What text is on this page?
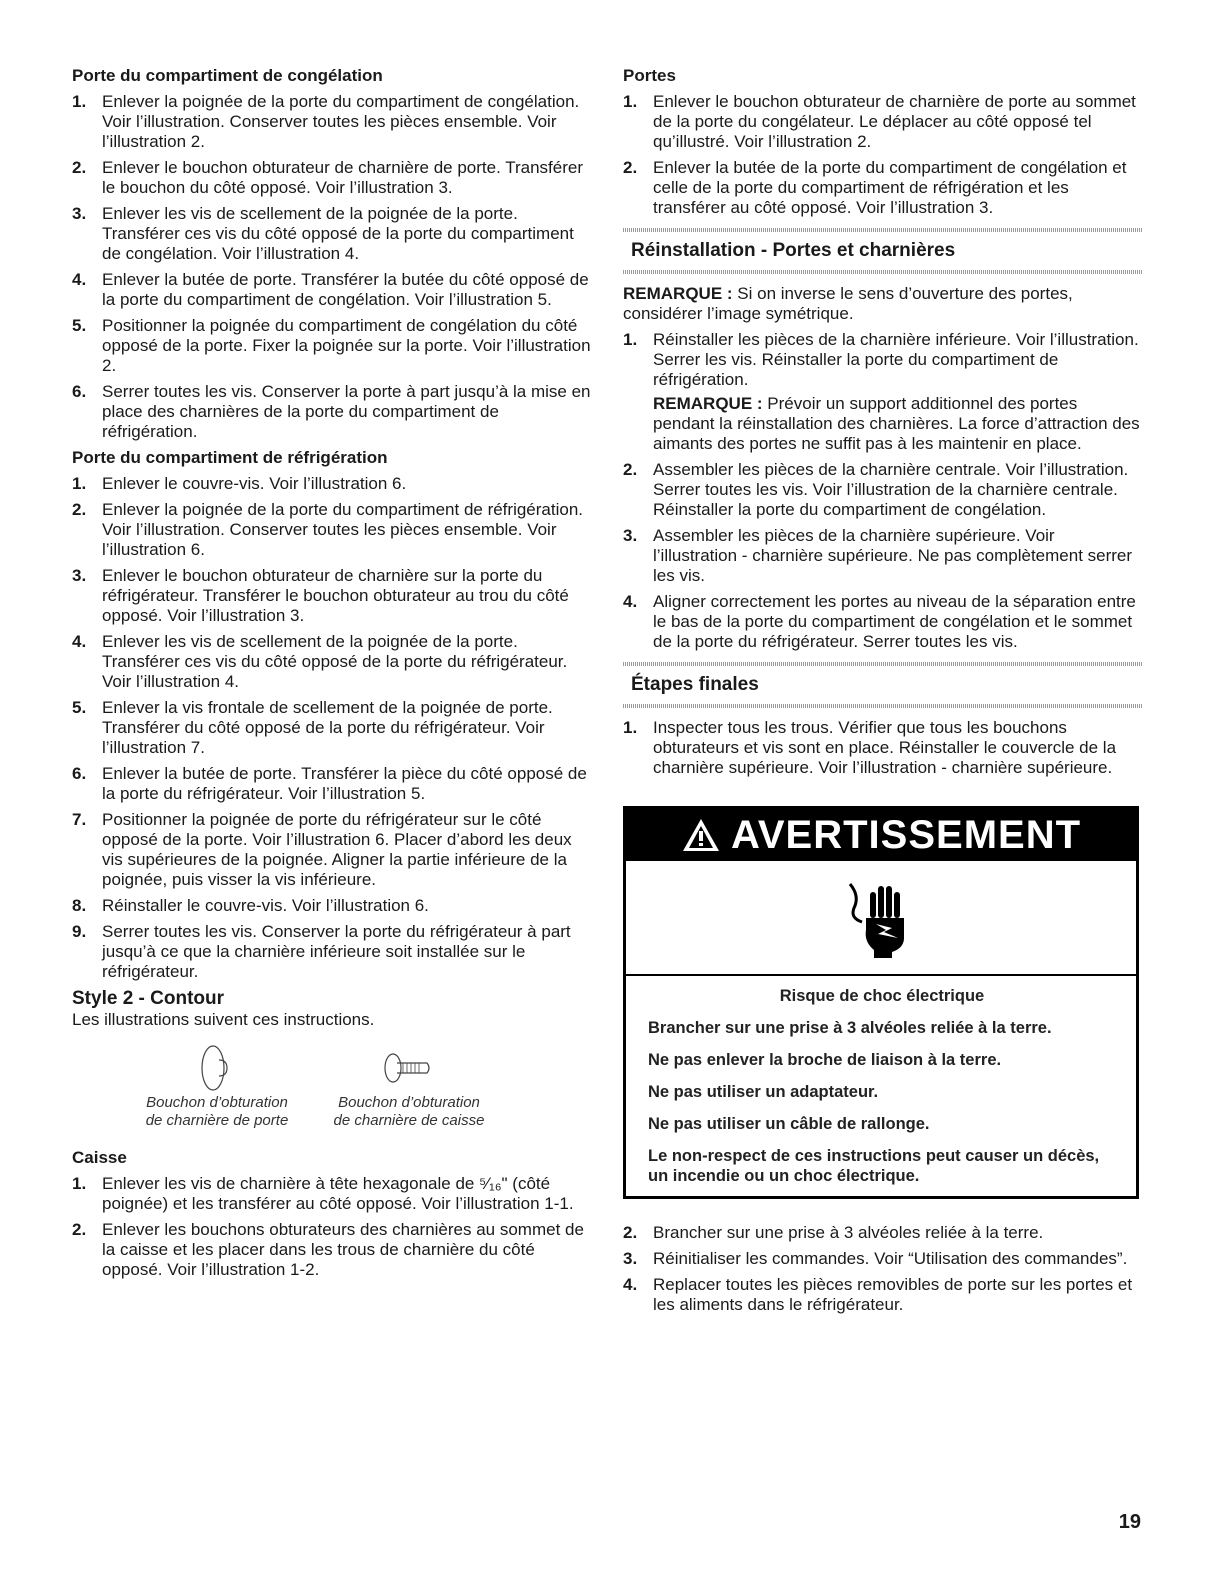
Porte du compartiment de congélation
1. Enlever la poignée de la porte du compartiment de congélation. Voir l’illustration. Conserver toutes les pièces ensemble. Voir l’illustration 2.
2. Enlever le bouchon obturateur de charnière de porte. Transférer le bouchon du côté opposé. Voir l’illustration 3.
3. Enlever les vis de scellement de la poignée de la porte. Transférer ces vis du côté opposé de la porte du compartiment de congélation. Voir l’illustration 4.
4. Enlever la butée de porte. Transférer la butée du côté opposé de la porte du compartiment de congélation. Voir l’illustration 5.
5. Positionner la poignée du compartiment de congélation du côté opposé de la porte. Fixer la poignée sur la porte. Voir l’illustration 2.
6. Serrer toutes les vis. Conserver la porte à part jusqu’à la mise en place des charnières de la porte du compartiment de réfrigération.
Porte du compartiment de réfrigération
1. Enlever le couvre-vis. Voir l’illustration 6.
2. Enlever la poignée de la porte du compartiment de réfrigération. Voir l’illustration. Conserver toutes les pièces ensemble. Voir l’illustration 6.
3. Enlever le bouchon obturateur de charnière sur la porte du réfrigérateur. Transférer le bouchon obturateur au trou du côté opposé. Voir l’illustration 3.
4. Enlever les vis de scellement de la poignée de la porte. Transférer ces vis du côté opposé de la porte du réfrigérateur. Voir l’illustration 4.
5. Enlever la vis frontale de scellement de la poignée de porte. Transférer du côté opposé de la porte du réfrigérateur. Voir l’illustration 7.
6. Enlever la butée de porte. Transférer la pièce du côté opposé de la porte du réfrigérateur. Voir l’illustration 5.
7. Positionner la poignée de porte du réfrigérateur sur le côté opposé de la porte. Voir l’illustration 6. Placer d’abord les deux vis supérieures de la poignée. Aligner la partie inférieure de la poignée, puis visser la vis inférieure.
8. Réinstaller le couvre-vis. Voir l’illustration 6.
9. Serrer toutes les vis. Conserver la porte du réfrigérateur à part jusqu’à ce que la charnière inférieure soit installée sur le réfrigérateur.
Style 2 - Contour
Les illustrations suivent ces instructions.
Bouchon d’obturation
de charnière de porte
Bouchon d’obturation
de charnière de caisse
Caisse
1. Enlever les vis de charnière à tête hexagonale de ⁵⁄₁₆" (côté poignée) et les transférer au côté opposé. Voir l’illustration 1-1.
2. Enlever les bouchons obturateurs des charnières au sommet de la caisse et les placer dans les trous de charnière du côté opposé. Voir l’illustration 1-2.
Portes
1. Enlever le bouchon obturateur de charnière de porte au sommet de la porte du congélateur. Le déplacer au côté opposé tel qu’illustré. Voir l’illustration 2.
2. Enlever la butée de la porte du compartiment de congélation et celle de la porte du compartiment de réfrigération et les transférer au côté opposé. Voir l’illustration 3.
Réinstallation - Portes et charnières
REMARQUE : Si on inverse le sens d’ouverture des portes, considérer l’image symétrique.
1. Réinstaller les pièces de la charnière inférieure. Voir l’illustration. Serrer les vis. Réinstaller la porte du compartiment de réfrigération.
REMARQUE : Prévoir un support additionnel des portes pendant la réinstallation des charnières. La force d’attraction des aimants des portes ne suffit pas à les maintenir en place.
2. Assembler les pièces de la charnière centrale. Voir l’illustration. Serrer toutes les vis. Voir l’illustration de la charnière centrale. Réinstaller la porte du compartiment de congélation.
3. Assembler les pièces de la charnière supérieure. Voir l’illustration - charnière supérieure. Ne pas complètement serrer les vis.
4. Aligner correctement les portes au niveau de la séparation entre le bas de la porte du compartiment de congélation et le sommet de la porte du réfrigérateur. Serrer toutes les vis.
Étapes finales
1. Inspecter tous les trous. Vérifier que tous les bouchons obturateurs et vis sont en place. Réinstaller le couvercle de la charnière supérieure. Voir l’illustration - charnière supérieure.
AVERTISSEMENT
Risque de choc électrique
Brancher sur une prise à 3 alvéoles reliée à la terre.
Ne pas enlever la broche de liaison à la terre.
Ne pas utiliser un adaptateur.
Ne pas utiliser un câble de rallonge.
Le non-respect de ces instructions peut causer un décès, un incendie ou un choc électrique.
2. Brancher sur une prise à 3 alvéoles reliée à la terre.
3. Réinitialiser les commandes. Voir “Utilisation des commandes”.
4. Replacer toutes les pièces removibles de porte sur les portes et les aliments dans le réfrigérateur.
19
